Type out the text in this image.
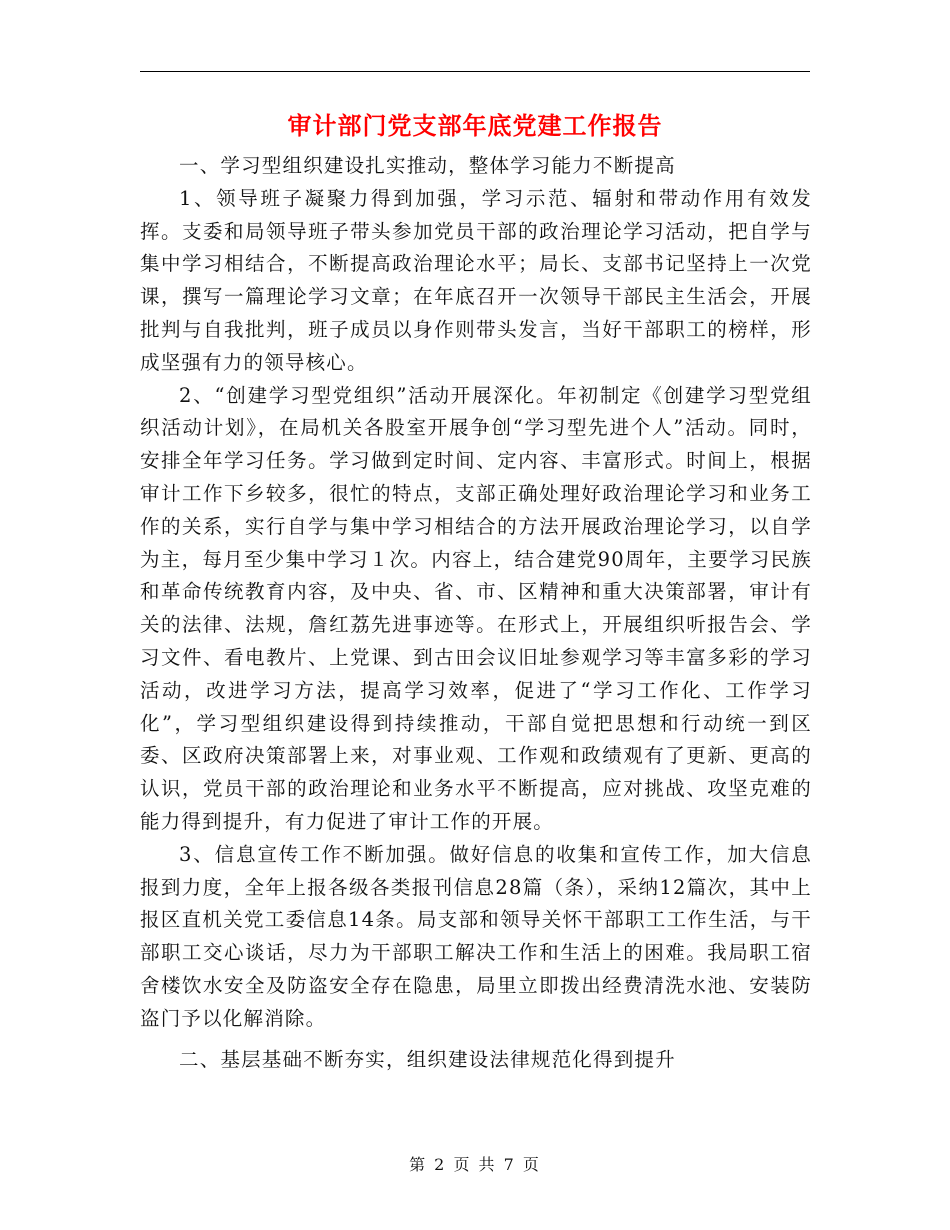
审计部门党支部年底党建工作报告

一、学习型组织建设扎实推动，整体学习能力不断提高

1、领导班子凝聚力得到加强，学习示范、辐射和带动作用有效发挥。支委和局领导班子带头参加党员干部的政治理论学习活动，把自学与集中学习相结合，不断提高政治理论水平；局长、支部书记坚持上一次党课，撰写一篇理论学习文章；在年底召开一次领导干部民主生活会，开展批判与自我批判，班子成员以身作则带头发言，当好干部职工的榜样，形成坚强有力的领导核心。

2、“创建学习型党组织”活动开展深化。年初制定《创建学习型党组织活动计划》，在局机关各股室开展争创“学习型先进个人”活动。同时，安排全年学习任务。学习做到定时间、定内容、丰富形式。时间上，根据审计工作下乡较多，很忙的特点，支部正确处理好政治理论学习和业务工作的关系，实行自学与集中学习相结合的方法开展政治理论学习，以自学为主，每月至少集中学习１次。内容上，结合建党90周年，主要学习民族和革命传统教育内容，及中央、省、市、区精神和重大决策部署，审计有关的法律、法规，詹红荔先进事迹等。在形式上，开展组织听报告会、学习文件、看电教片、上党课、到古田会议旧址参观学习等丰富多彩的学习活动，改进学习方法，提高学习效率，促进了“学习工作化、工作学习化”，学习型组织建设得到持续推动，干部自觉把思想和行动统一到区委、区政府决策部署上来，对事业观、工作观和政绩观有了更新、更高的认识，党员干部的政治理论和业务水平不断提高，应对挑战、攻坚克难的能力得到提升，有力促进了审计工作的开展。

3、信息宣传工作不断加强。做好信息的收集和宣传工作，加大信息报到力度，全年上报各级各类报刊信息28篇（条），采纳12篇次，其中上报区直机关党工委信息14条。局支部和领导关怀干部职工工作生活，与干部职工交心谈话，尽力为干部职工解决工作和生活上的困难。我局职工宿舍楼饮水安全及防盗安全存在隐患，局里立即拨出经费清洗水池、安装防盗门予以化解消除。

二、基层基础不断夯实，组织建设法律规范化得到提升

第 2 页 共 7 页
